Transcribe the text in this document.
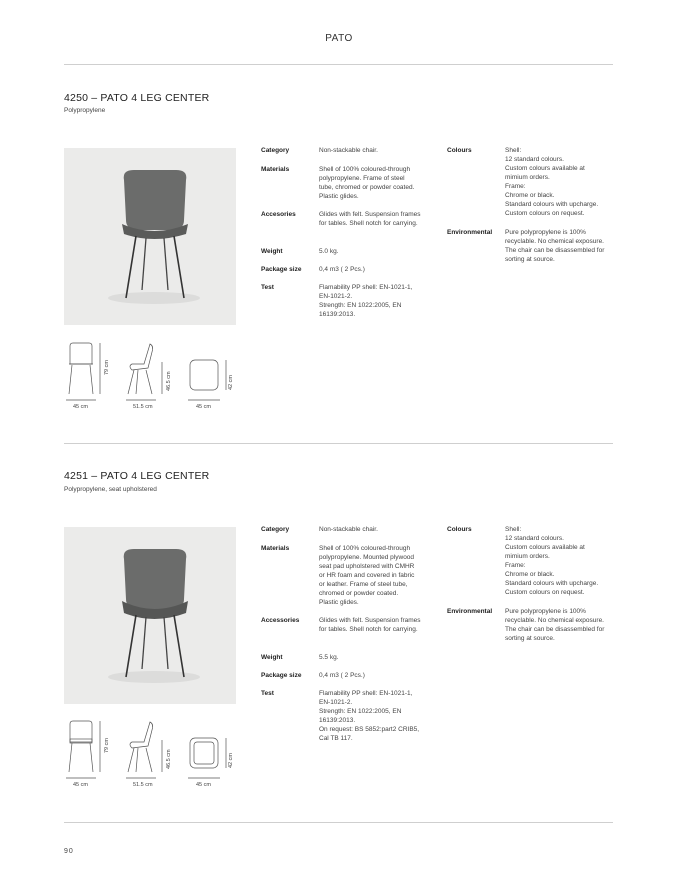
PATO
4250 – PATO 4 LEG CENTER
Polypropylene
Category	Non-stackable chair.
Materials	Shell of 100% coloured-through
polypropylene. Frame of steel
tube, chromed or powder coated.
Plastic glides.
Accesories	Glides with felt. Suspension frames
for tables. Shell notch for carrying.
Weight	5.0 kg.
Package size	0,4 m3 ( 2 Pcs.)
Test	Flamability PP shell: EN-1021-1,
EN-1021-2.
Strength: EN 1022:2005, EN
16139:2013.
Colours	Shell:
12 standard colours.
Custom colours available at
mimium orders.
Frame:
Chrome or black.
Standard colours with upcharge.
Custom colours on request.
Environmental Pure polypropylene is 100%
recyclable. No chemical exposure.
The chair can be disassembled for
sorting at source.
45 cm
79 cm
51.5 cm
46.5 cm
45 cm
42 cm
4251 – PATO 4 LEG CENTER
Polypropylene, seat upholstered
Category	Non-stackable chair.
Materials	Shell of 100% coloured-through
polypropylene. Mounted plywood
seat pad upholstered with CMHR
or HR foam and covered in fabric
or leather. Frame of steel tube,
chromed or powder coated.
Plastic glides.
Accessories	Glides with felt. Suspension frames
for tables. Shell notch for carrying.
Weight	5.5 kg.
Package size	0,4 m3 ( 2 Pcs.)
Test	Flamability PP shell: EN-1021-1,
EN-1021-2.
Strength: EN 1022:2005, EN
16139:2013.
On request: BS 5852:part2 CRIB5,
Cal TB 117.
Colours	Shell:
12 standard colours.
Custom colours available at
mimium orders.
Frame:
Chrome or black.
Standard colours with upcharge.
Custom colours on request.
Environmental Pure polypropylene is 100%
recyclable. No chemical exposure.
The chair can be disassembled for
sorting at source.
45 cm
79 cm
51.5 cm
46.5 cm
45 cm
42 cm
90
